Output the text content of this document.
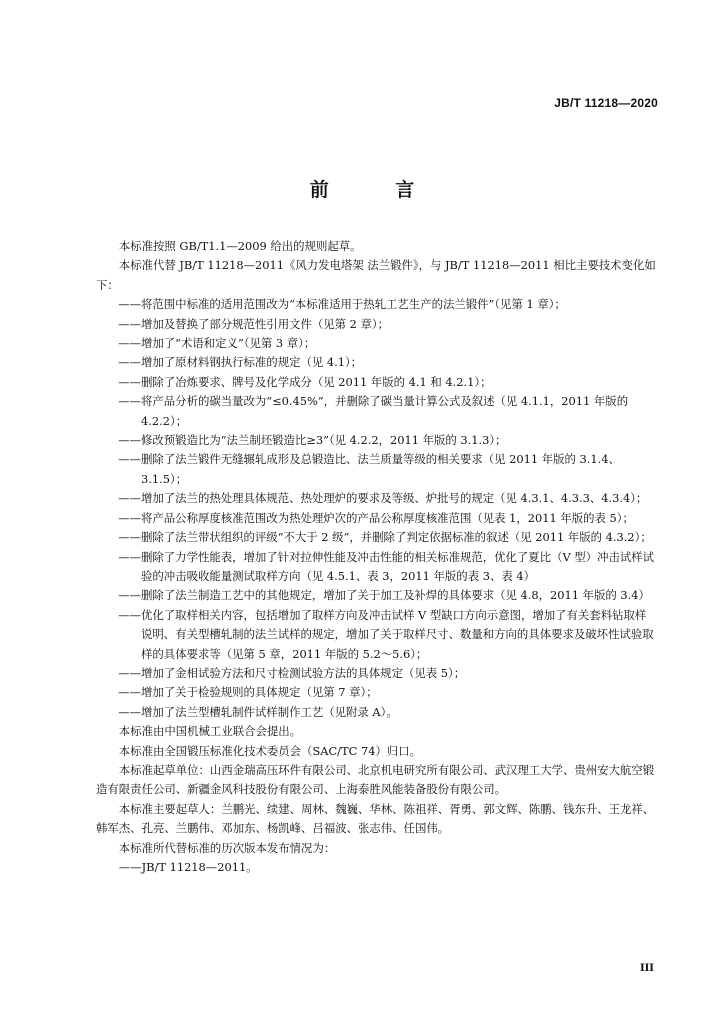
JB/T 11218—2020
前 言

本标准按照 GB/T1.1—2009 给出的规则起草。

本标准代替 JB/T 11218—2011《风力发电塔架 法兰锻件》，与 JB/T 11218—2011 相比主要技术变化如下：

——将范围中标准的适用范围改为“本标准适用于热轧工艺生产的法兰锻件”（见第 1 章）；

——增加及替换了部分规范性引用文件（见第 2 章）；

——增加了“术语和定义”（见第 3 章）；

——增加了原材料钢执行标准的规定（见 4.1）；

——删除了冶炼要求、牌号及化学成分（见 2011 年版的 4.1 和 4.2.1）；

——将产品分析的碳当量改为“≤0.45%”，并删除了碳当量计算公式及叙述（见 4.1.1，2011 年版的 4.2.2）；

——修改预锻造比为“法兰制坯锻造比≥3”（见 4.2.2，2011 年版的 3.1.3）；

——删除了法兰锻件无缝辗轧成形及总锻造比、法兰质量等级的相关要求（见 2011 年版的 3.1.4、3.1.5）；

——增加了法兰的热处理具体规范、热处理炉的要求及等级、炉批号的规定（见 4.3.1、4.3.3、4.3.4）；

——将产品公称厚度核准范围改为热处理炉次的产品公称厚度核准范围（见表 1，2011 年版的表 5）；

——删除了法兰带状组织的评级“不大于 2 级”，并删除了判定依据标准的叙述（见 2011 年版的 4.3.2）；

——删除了力学性能表，增加了针对拉伸性能及冲击性能的相关标准规范，优化了夏比（V 型）冲击试样试验的冲击吸收能量测试取样方向（见 4.5.1、表 3，2011 年版的表 3、表 4）

——删除了法兰制造工艺中的其他规定，增加了关于加工及补焊的具体要求（见 4.8，2011 年版的 3.4）

——优化了取样相关内容，包括增加了取样方向及冲击试样 V 型缺口方向示意图，增加了有关套料钻取样说明、有关型槽轧制的法兰试样的规定，增加了关于取样尺寸、数量和方向的具体要求及破坏性试验取样的具体要求等（见第 5 章，2011 年版的 5.2～5.6）；

——增加了金相试验方法和尺寸检测试验方法的具体规定（见表 5）；

——增加了关于检验规则的具体规定（见第 7 章）；

——增加了法兰型槽轧制件试样制作工艺（见附录 A）。

本标准由中国机械工业联合会提出。

本标准由全国锻压标准化技术委员会（SAC/TC 74）归口。

本标准起草单位：山西金瑞高压环件有限公司、北京机电研究所有限公司、武汉理工大学、贵州安大航空锻造有限责任公司、新疆金风科技股份有限公司、上海泰胜风能装备股份有限公司。

本标准主要起草人：兰鹏光、续建、周林、魏巍、华林、陈祖祥、胥勇、郭文辉、陈鹏、钱东升、王龙祥、韩军杰、孔亮、兰鹏伟、邓加东、杨凯峰、吕福波、张志伟、任国伟。

本标准所代替标准的历次版本发布情况为：

——JB/T 11218—2011。

III
